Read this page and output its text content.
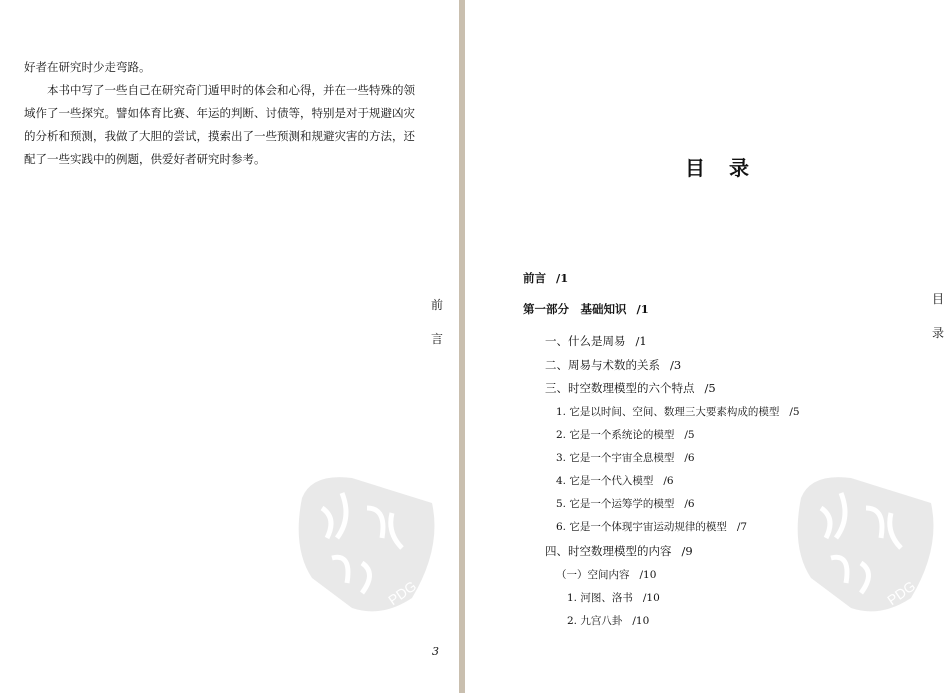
好者在研究时少走弯路。

本书中写了一些自己在研究奇门遁甲时的体会和心得，并在一些特殊的领域作了一些探究。譬如体育比赛、年运的判断、讨债等，特别是对于规避凶灾的分析和预测，我做了大胆的尝试，摸索出了一些预测和规避灾害的方法，还配了一些实践中的例题，供爱好者研究时参考。

前
言
PDG
3
目录
前言 /1
第一部分　基础知识 /1
一、什么是周易 /1
二、周易与术数的关系 /3
三、时空数理模型的六个特点 /5
1. 它是以时间、空间、数理三大要素构成的模型 /5
2. 它是一个系统论的模型 /5
3. 它是一个宇宙全息模型 /6
4. 它是一个代入模型 /6
5. 它是一个运筹学的模型 /6
6. 它是一个体现宇宙运动规律的模型 /7
四、时空数理模型的内容 /9
（一）空间内容 /10
1. 河图、洛书 /10
2. 九宫八卦 /10
目
录
PDG
